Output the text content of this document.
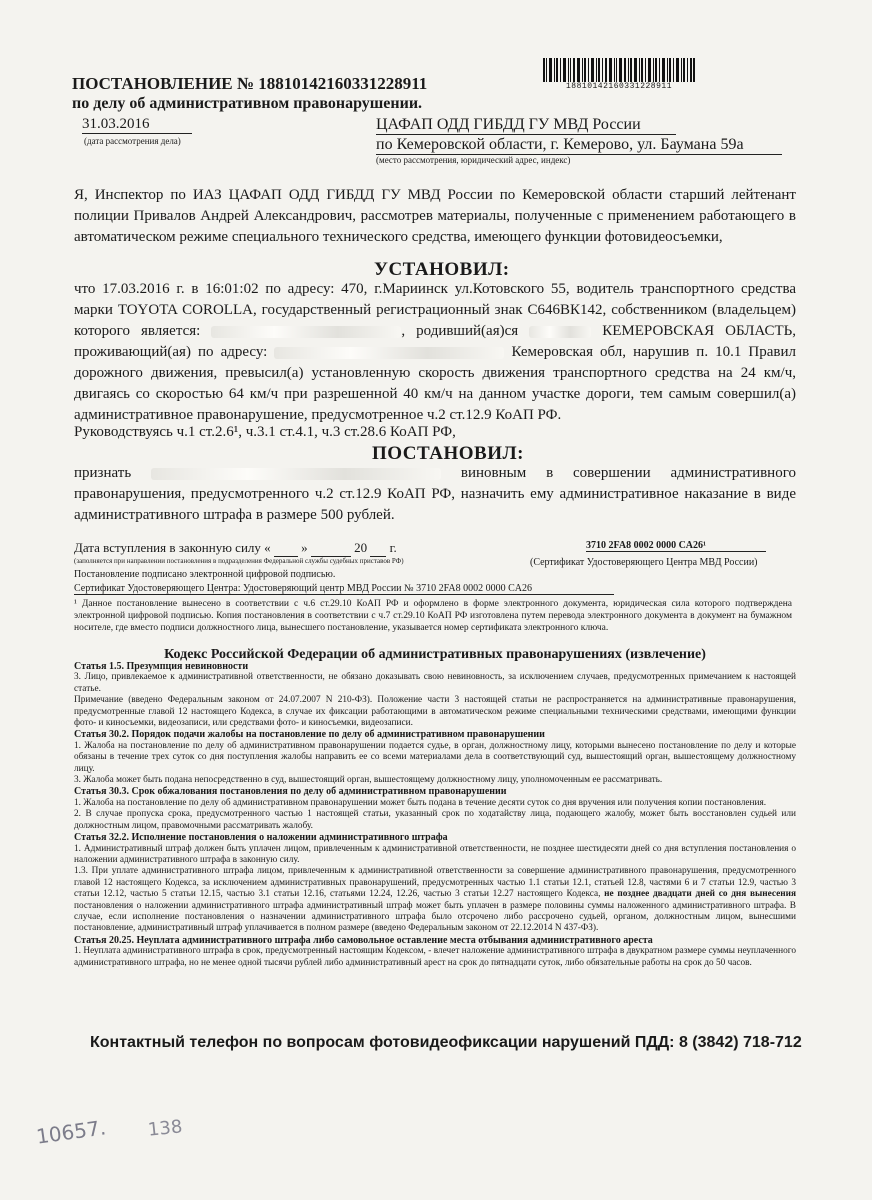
18810142160331228911
ПОСТАНОВЛЕНИЕ № 18810142160331228911
по делу об административном правонарушении.
31.03.2016
(дата рассмотрения дела)
ЦАФАП ОДД ГИБДД ГУ МВД России
по Кемеровской области, г. Кемерово, ул. Баумана 59а
(место рассмотрения, юридический адрес, индекс)
Я, Инспектор по ИАЗ ЦАФАП ОДД ГИБДД ГУ МВД России по Кемеровской области старший лейтенант полиции Привалов Андрей Александрович, рассмотрев материалы, полученные с применением работающего в автоматическом режиме специального технического средства, имеющего функции фотовидеосъемки,
УСТАНОВИЛ:
что 17.03.2016 г. в 16:01:02 по адресу: 470, г.Мариинск ул.Котовского 55, водитель транспортного средства марки TOYOTA COROLLA, государственный регистрационный знак С646ВК142, собственником (владельцем) которого является:	, родивший(ая)ся	КЕМЕРОВСКАЯ ОБЛАСТЬ, проживающий(ая) по адресу:	Кемеровская обл, нарушив п. 10.1 Правил дорожного движения, превысил(а) установленную скорость движения транспортного средства на 24 км/ч, двигаясь со скоростью 64 км/ч при разрешенной 40 км/ч на данном участке дороги, тем самым совершил(а) административное правонарушение, предусмотренное ч.2 ст.12.9 КоАП РФ.
Руководствуясь ч.1 ст.2.6¹, ч.3.1 ст.4.1, ч.3 ст.28.6 КоАП РФ,
ПОСТАНОВИЛ:
признать	виновным в совершении административного правонарушения, предусмотренного ч.2 ст.12.9 КоАП РФ, назначить ему административное наказание в виде административного штрафа в размере 500 рублей.
Дата вступления в законную силу « »	20 г.	3710 2FA8 0002 0000 CA26¹
(Сертификат Удостоверяющего Центра МВД России)
(заполняется при направлении постановления в подразделения Федеральной службы судебных приставов РФ)
Постановление подписано электронной цифровой подписью.
Сертификат Удостоверяющего Центра: Удостоверяющий центр МВД России № 3710 2FA8 0002 0000 CA26
¹ Данное постановление вынесено в соответствии с ч.6 ст.29.10 КоАП РФ и оформлено в форме электронного документа, юридическая сила которого подтверждена электронной цифровой подписью. Копия постановления в соответствии с ч.7 ст.29.10 КоАП РФ изготовлена путем перевода электронного документа в документ на бумажном носителе, где вместо подписи должностного лица, вынесшего постановление, указывается номер сертификата электронного ключа.
Кодекс Российской Федерации об административных правонарушениях (извлечение)

Статья 1.5. Презумпция невиновности

3. Лицо, привлекаемое к административной ответственности, не обязано доказывать свою невиновность, за исключением случаев, предусмотренных примечанием к настоящей статье.

Примечание (введено Федеральным законом от 24.07.2007 N 210-ФЗ). Положение части 3 настоящей статьи не распространяется на административные правонарушения, предусмотренные главой 12 настоящего Кодекса, в случае их фиксации работающими в автоматическом режиме специальными техническими средствами, имеющими функции фото- и киносъемки, видеозаписи, или средствами фото- и киносъемки, видеозаписи.

Статья 30.2. Порядок подачи жалобы на постановление по делу об административном правонарушении

1. Жалоба на постановление по делу об административном правонарушении подается судье, в орган, должностному лицу, которыми вынесено постановление по делу и которые обязаны в течение трех суток со дня поступления жалобы направить ее со всеми материалами дела в соответствующий суд, вышестоящий орган, вышестоящему должностному лицу.

3. Жалоба может быть подана непосредственно в суд, вышестоящий орган, вышестоящему должностному лицу, уполномоченным ее рассматривать.

Статья 30.3. Срок обжалования постановления по делу об административном правонарушении

1. Жалоба на постановление по делу об административном правонарушении может быть подана в течение десяти суток со дня вручения или получения копии постановления.

2. В случае пропуска срока, предусмотренного частью 1 настоящей статьи, указанный срок по ходатайству лица, подающего жалобу, может быть восстановлен судьей или должностным лицом, правомочными рассматривать жалобу.

Статья 32.2. Исполнение постановления о наложении административного штрафа

1. Административный штраф должен быть уплачен лицом, привлеченным к административной ответственности, не позднее шестидесяти дней со дня вступления постановления о наложении административного штрафа в законную силу.

1.3. При уплате административного штрафа лицом, привлеченным к административной ответственности за совершение административного правонарушения, предусмотренного главой 12 настоящего Кодекса, за исключением административных правонарушений, предусмотренных частью 1.1 статьи 12.1, статьей 12.8, частями 6 и 7 статьи 12.9, частью 3 статьи 12.12, частью 5 статьи 12.15, частью 3.1 статьи 12.16, статьями 12.24, 12.26, частью 3 статьи 12.27 настоящего Кодекса, не позднее двадцати дней со дня вынесения постановления о наложении административного штрафа административный штраф может быть уплачен в размере половины суммы наложенного административного штрафа. В случае, если исполнение постановления о назначении административного штрафа было отсрочено либо рассрочено судьей, органом, должностным лицом, вынесшими постановление, административный штраф уплачивается в полном размере (введено Федеральным законом от 22.12.2014 N 437-ФЗ).

Статья 20.25. Неуплата административного штрафа либо самовольное оставление места отбывания административного ареста

1. Неуплата административного штрафа в срок, предусмотренный настоящим Кодексом, - влечет наложение административного штрафа в двукратном размере суммы неуплаченного административного штрафа, но не менее одной тысячи рублей либо административный арест на срок до пятнадцати суток, либо обязательные работы на срок до 50 часов.

Контактный телефон по вопросам фотовидеофиксации нарушений ПДД: 8 (3842) 718-712
10657. 138
